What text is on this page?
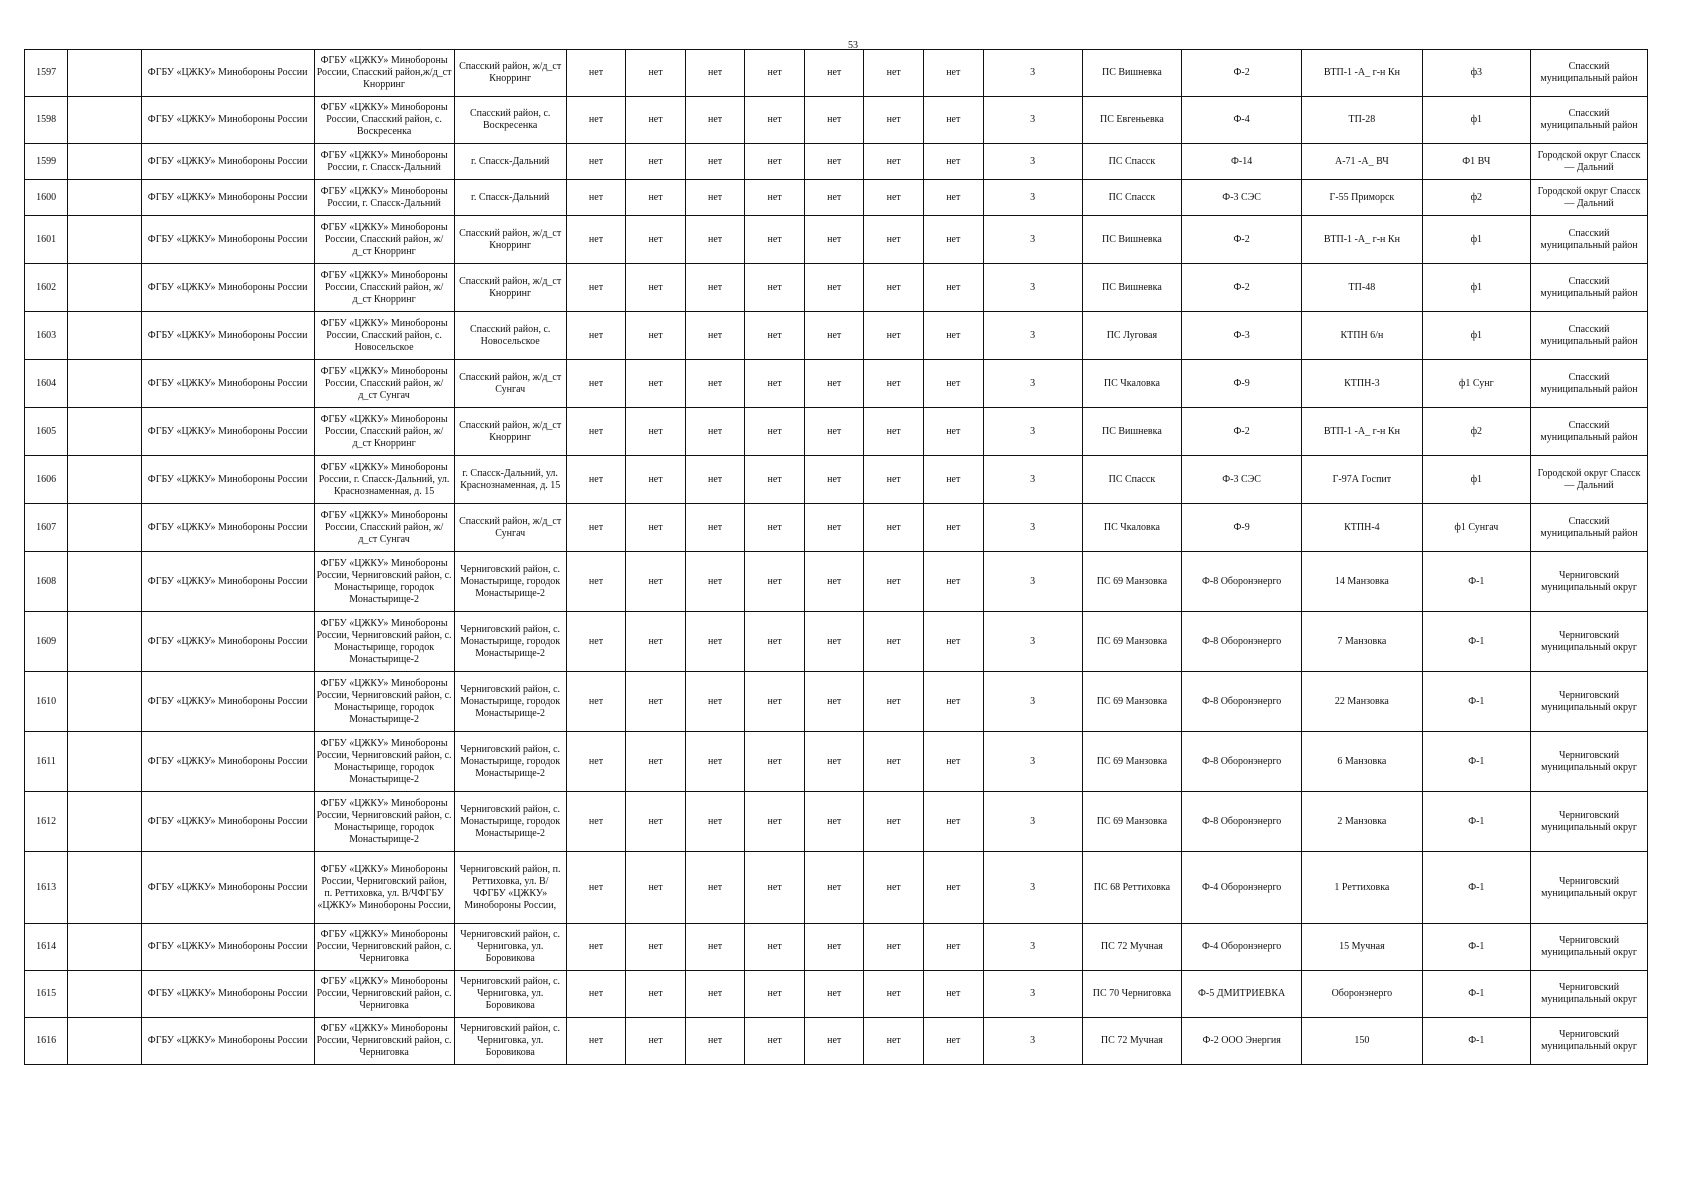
53
1597		ФГБУ «ЦЖКУ» Минобороны России	ФГБУ «ЦЖКУ» Минобороны России, Спасский район,ж/д_ст Кнорринг	Спасский район, ж/д_ст Кнорринг	нет	нет	нет	нет	нет	нет	нет	3	ПС Вишневка	Ф-2	ВТП-1 -А_ г-н Кн	ф3	Спасский муниципальный район
1598		ФГБУ «ЦЖКУ» Минобороны России	ФГБУ «ЦЖКУ» Минобороны России, Спасский район, с. Воскресенка	Спасский район, с. Воскресенка	нет	нет	нет	нет	нет	нет	нет	3	ПС Евгеньевка	Ф-4	ТП-28	ф1	Спасский муниципальный район
1599		ФГБУ «ЦЖКУ» Минобороны России	ФГБУ «ЦЖКУ» Минобороны России, г. Спасск-Дальний	г. Спасск-Дальний	нет	нет	нет	нет	нет	нет	нет	3	ПС Спасск	Ф-14	А-71 -А_ ВЧ	Ф1 ВЧ	Городской округ Спасск — Дальний
1600		ФГБУ «ЦЖКУ» Минобороны России	ФГБУ «ЦЖКУ» Минобороны России, г. Спасск-Дальний	г. Спасск-Дальний	нет	нет	нет	нет	нет	нет	нет	3	ПС Спасск	Ф-3 СЭС	Г-55 Приморск	ф2	Городской округ Спасск — Дальний
1601		ФГБУ «ЦЖКУ» Минобороны России	ФГБУ «ЦЖКУ» Минобороны России, Спасский район, ж/д_ст Кнорринг	Спасский район, ж/д_ст Кнорринг	нет	нет	нет	нет	нет	нет	нет	3	ПС Вишневка	Ф-2	ВТП-1 -А_ г-н Кн	ф1	Спасский муниципальный район
1602		ФГБУ «ЦЖКУ» Минобороны России	ФГБУ «ЦЖКУ» Минобороны России, Спасский район, ж/д_ст Кнорринг	Спасский район, ж/д_ст Кнорринг	нет	нет	нет	нет	нет	нет	нет	3	ПС Вишневка	Ф-2	ТП-48	ф1	Спасский муниципальный район
1603		ФГБУ «ЦЖКУ» Минобороны России	ФГБУ «ЦЖКУ» Минобороны России, Спасский район, с. Новосельское	Спасский район, с. Новосельское	нет	нет	нет	нет	нет	нет	нет	3	ПС Луговая	Ф-3	КТПН 6/н	ф1	Спасский муниципальный район
1604		ФГБУ «ЦЖКУ» Минобороны России	ФГБУ «ЦЖКУ» Минобороны России, Спасский район, ж/д_ст Сунгач	Спасский район, ж/д_ст Сунгач	нет	нет	нет	нет	нет	нет	нет	3	ПС Чкаловка	Ф-9	КТПН-3	ф1 Сунг	Спасский муниципальный район
1605		ФГБУ «ЦЖКУ» Минобороны России	ФГБУ «ЦЖКУ» Минобороны России, Спасский район, ж/д_ст Кнорринг	Спасский район, ж/д_ст Кнорринг	нет	нет	нет	нет	нет	нет	нет	3	ПС Вишневка	Ф-2	ВТП-1 -А_ г-н Кн	ф2	Спасский муниципальный район
1606		ФГБУ «ЦЖКУ» Минобороны России	ФГБУ «ЦЖКУ» Минобороны России, г. Спасск-Дальний, ул. Краснознаменная, д. 15	г. Спасск-Дальний, ул. Краснознаменная, д. 15	нет	нет	нет	нет	нет	нет	нет	3	ПС Спасск	Ф-3 СЭС	Г-97А Госпит	ф1	Городской округ Спасск — Дальний
1607		ФГБУ «ЦЖКУ» Минобороны России	ФГБУ «ЦЖКУ» Минобороны России, Спасский район, ж/д_ст Сунгач	Спасский район, ж/д_ст Сунгач	нет	нет	нет	нет	нет	нет	нет	3	ПС Чкаловка	Ф-9	КТПН-4	ф1 Сунгач	Спасский муниципальный район
1608		ФГБУ «ЦЖКУ» Минобороны России	ФГБУ «ЦЖКУ» Минобороны России, Черниговский район, с. Монастырище, городок Монастырище-2	Черниговский район, с. Монастырище, городок Монастырище-2	нет	нет	нет	нет	нет	нет	нет	3	ПС 69 Манзовка	Ф-8 Оборонэнерго	14 Манзовка	Ф-1	Черниговский муниципальный округ
1609		ФГБУ «ЦЖКУ» Минобороны России	ФГБУ «ЦЖКУ» Минобороны России, Черниговский район, с. Монастырище, городок Монастырище-2	Черниговский район, с. Монастырище, городок Монастырище-2	нет	нет	нет	нет	нет	нет	нет	3	ПС 69 Манзовка	Ф-8 Оборонэнерго	7 Манзовка	Ф-1	Черниговский муниципальный округ
1610		ФГБУ «ЦЖКУ» Минобороны России	ФГБУ «ЦЖКУ» Минобороны России, Черниговский район, с. Монастырище, городок Монастырище-2	Черниговский район, с. Монастырище, городок Монастырище-2	нет	нет	нет	нет	нет	нет	нет	3	ПС 69 Манзовка	Ф-8 Оборонэнерго	22 Манзовка	Ф-1	Черниговский муниципальный округ
1611		ФГБУ «ЦЖКУ» Минобороны России	ФГБУ «ЦЖКУ» Минобороны России, Черниговский район, с. Монастырище, городок Монастырище-2	Черниговский район, с. Монастырище, городок Монастырище-2	нет	нет	нет	нет	нет	нет	нет	3	ПС 69 Манзовка	Ф-8 Оборонэнерго	6 Манзовка	Ф-1	Черниговский муниципальный округ
1612		ФГБУ «ЦЖКУ» Минобороны России	ФГБУ «ЦЖКУ» Минобороны России, Черниговский район, с. Монастырище, городок Монастырище-2	Черниговский район, с. Монастырище, городок Монастырище-2	нет	нет	нет	нет	нет	нет	нет	3	ПС 69 Манзовка	Ф-8 Оборонэнерго	2 Манзовка	Ф-1	Черниговский муниципальный округ
1613		ФГБУ «ЦЖКУ» Минобороны России	ФГБУ «ЦЖКУ» Минобороны России, Черниговский район, п. Реттиховка, ул. В/ЧФГБУ «ЦЖКУ» Минобороны России,	Черниговский район, п. Реттиховка, ул. В/ЧФГБУ «ЦЖКУ» Минобороны России,	нет	нет	нет	нет	нет	нет	нет	3	ПС 68 Реттиховка	Ф-4 Оборонэнерго	1 Реттиховка	Ф-1	Черниговский муниципальный округ
1614		ФГБУ «ЦЖКУ» Минобороны России	ФГБУ «ЦЖКУ» Минобороны России, Черниговский район, с. Черниговка	Черниговский район, с. Черниговка, ул. Боровикова	нет	нет	нет	нет	нет	нет	нет	3	ПС 72 Мучная	Ф-4 Оборонэнерго	15 Мучная	Ф-1	Черниговский муниципальный округ
1615		ФГБУ «ЦЖКУ» Минобороны России	ФГБУ «ЦЖКУ» Минобороны России, Черниговский район, с. Черниговка	Черниговский район, с. Черниговка, ул. Боровикова	нет	нет	нет	нет	нет	нет	нет	3	ПС 70 Черниговка	Ф-5 ДМИТРИЕВКА	Оборонэнерго	Ф-1	Черниговский муниципальный округ
1616		ФГБУ «ЦЖКУ» Минобороны России	ФГБУ «ЦЖКУ» Минобороны России, Черниговский район, с. Черниговка	Черниговский район, с. Черниговка, ул. Боровикова	нет	нет	нет	нет	нет	нет	нет	3	ПС 72 Мучная	Ф-2 ООО Энергия	150	Ф-1	Черниговский муниципальный округ
